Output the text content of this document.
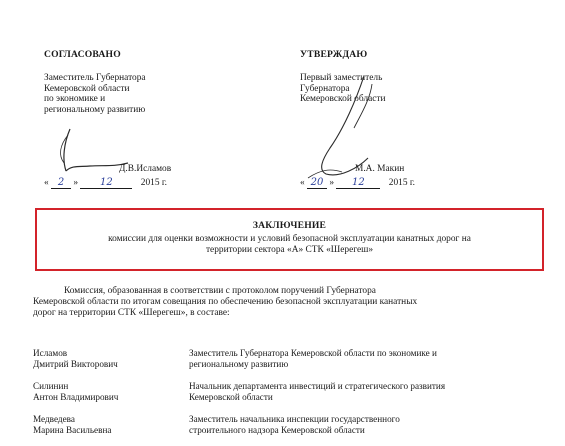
СОГЛАСОВАНО
Заместитель Губернатора
Кемеровской области
по экономике и
региональному развитию
Д.В.Исламов
« 2 » 12	2015 г.
УТВЕРЖДАЮ
Первый заместитель
Губернатора
Кемеровской области
М.А. Макин
« 20 » 12	2015 г.
ЗАКЛЮЧЕНИЕ
комиссии для оценки возможности и условий безопасной эксплуатации канатных дорог на
территории сектора «А» СТК «Шерегеш»
Комиссия, образованная в соответствии с протоколом поручений Губернатора
Кемеровской области по итогам совещания по обеспечению безопасной эксплуатации канатных
дорог на территории СТК «Шерегеш», в составе:
Исламов
Дмитрий Викторович
Заместитель Губернатора Кемеровской области по экономике и
региональному развитию
Силинин
Антон Владимирович
Начальник департамента инвестиций и стратегического развития
Кемеровской области
Медведева
Марина Васильевна
Заместитель начальника инспекции государственного
строительного надзора Кемеровской области
